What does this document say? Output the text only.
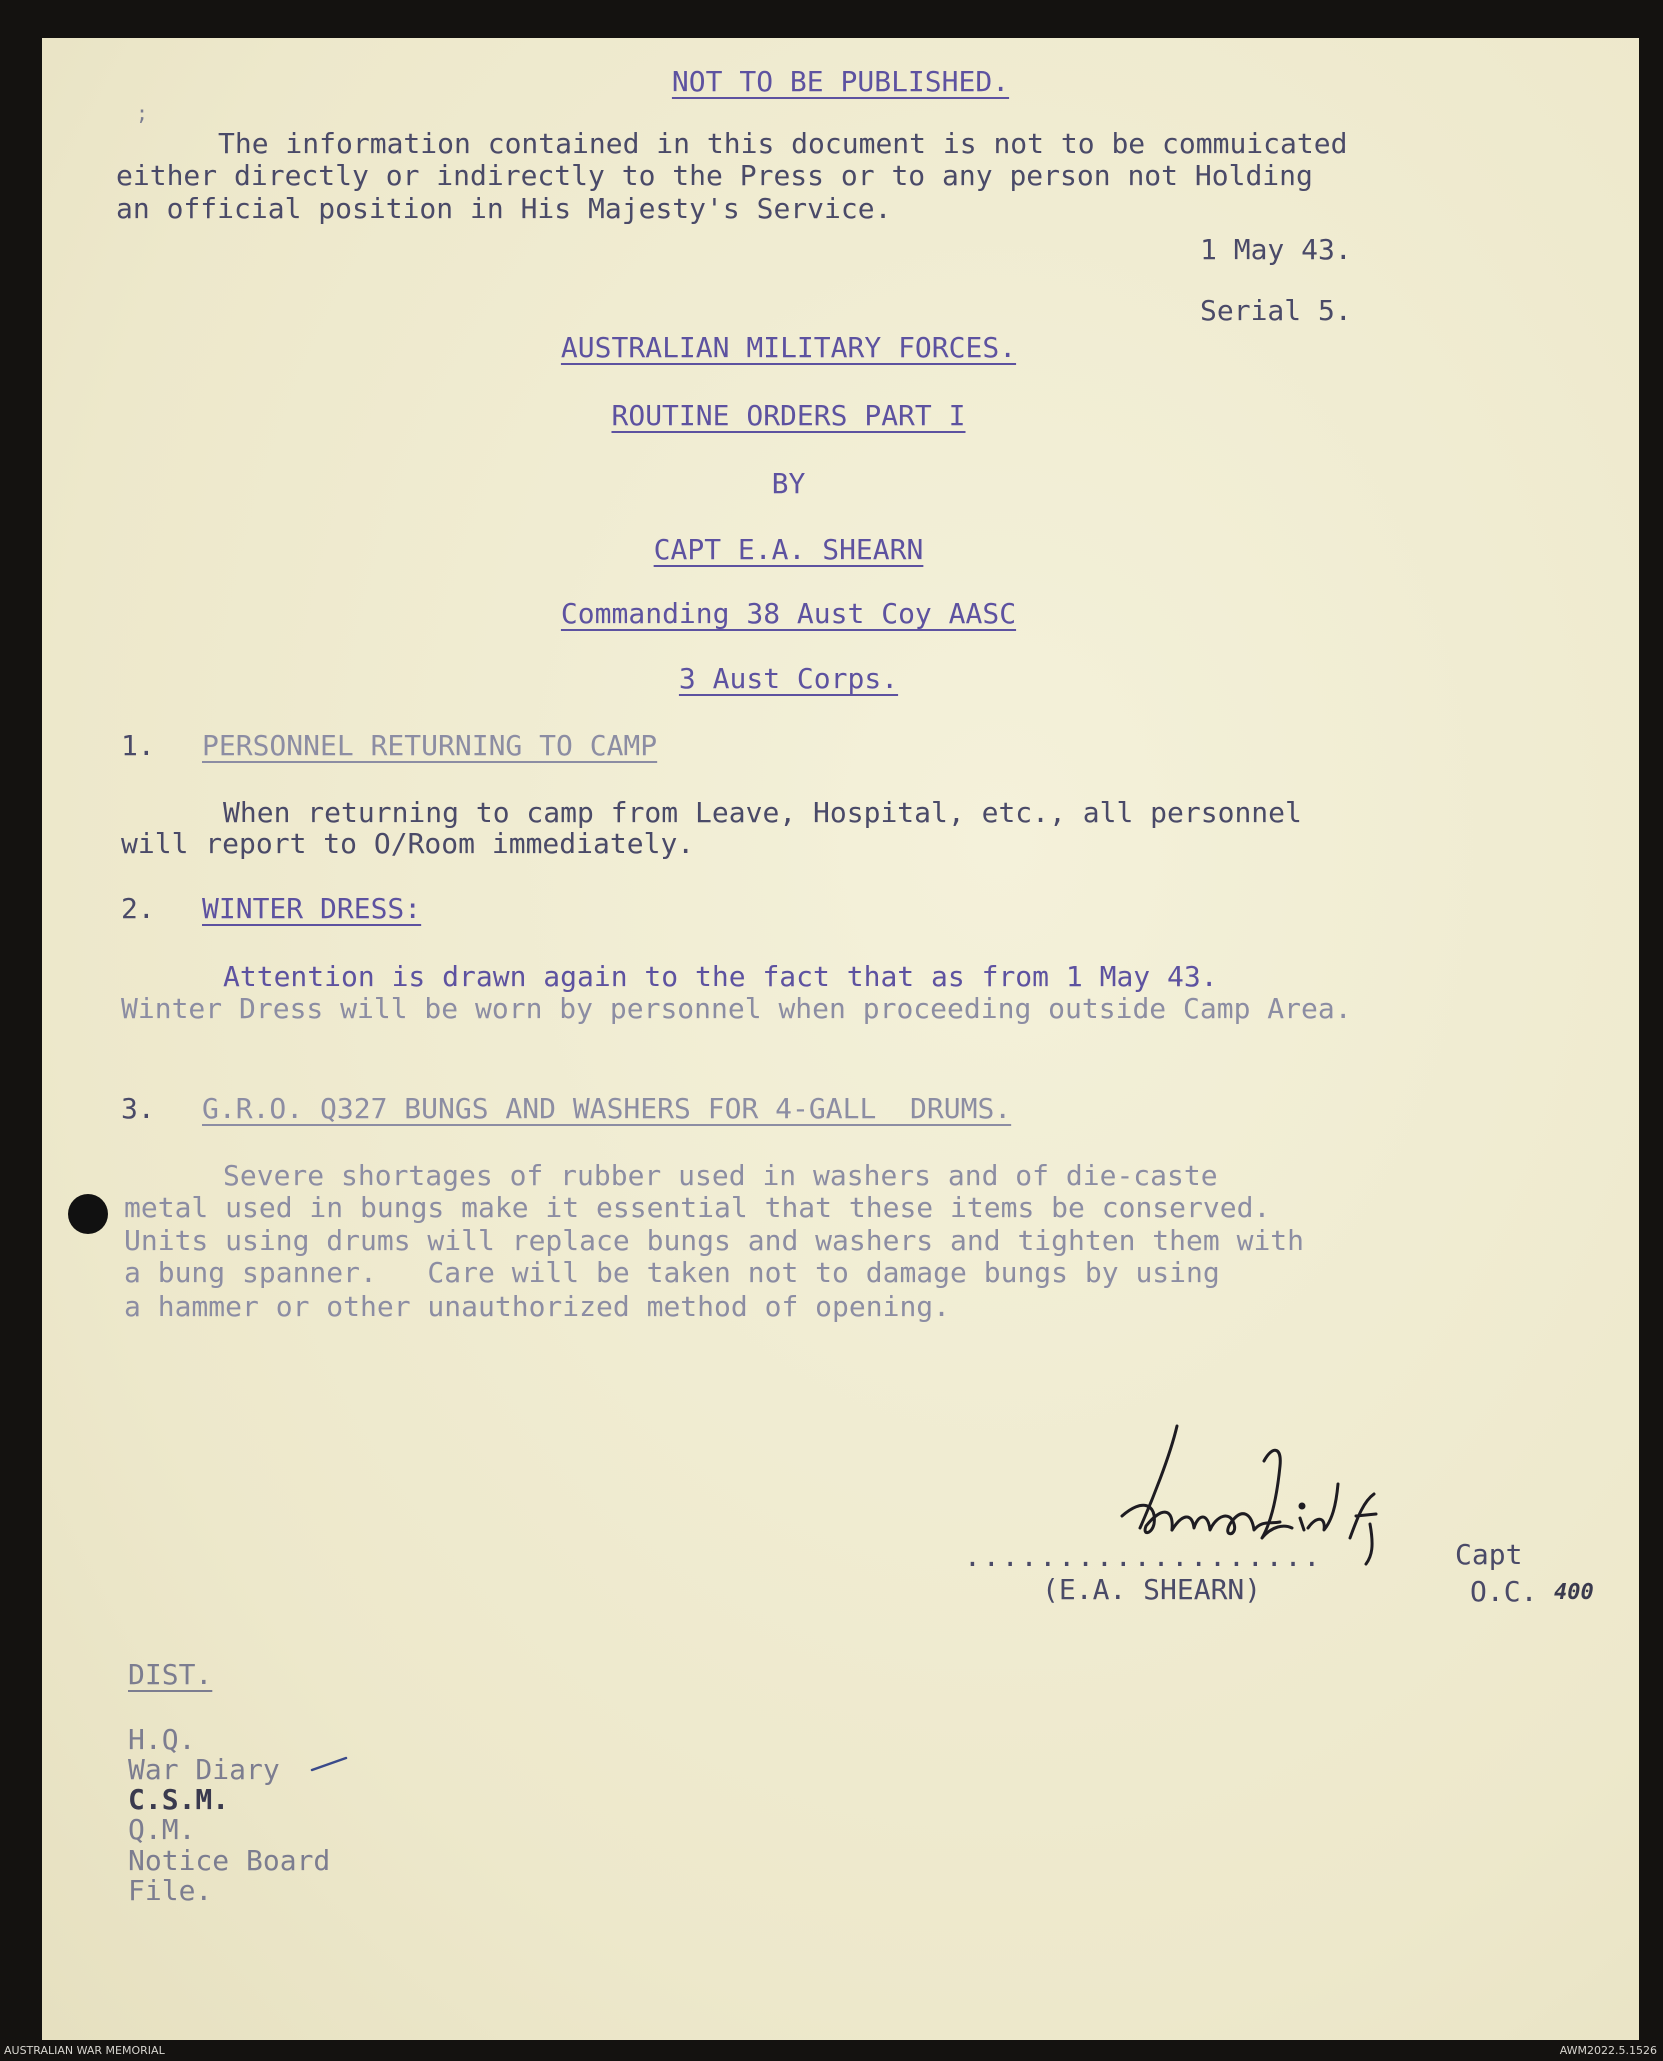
NOT TO BE PUBLISHED.
;
The information contained in this document is not to be commuicated
either directly or indirectly to the Press or to any person not Holding
an official position in His Majesty's Service.
1 May 43.
Serial 5.
AUSTRALIAN MILITARY FORCES.
ROUTINE ORDERS PART I
BY
CAPT E.A. SHEARN
Commanding 38 Aust Coy AASC
3 Aust Corps.
1. PERSONNEL RETURNING TO CAMP
When returning to camp from Leave, Hospital, etc., all personnel
will report to O/Room immediately.
2. WINTER DRESS:
Attention is drawn again to the fact that as from 1 May 43.
Winter Dress will be worn by personnel when proceeding outside Camp Area.
3. G.R.O. Q327 BUNGS AND WASHERS FOR 4-GALL  DRUMS.
Severe shortages of rubber used in washers and of die-caste
metal used in bungs make it essential that these items be conserved.
Units using drums will replace bungs and washers and tighten them with
a bung spanner.   Care will be taken not to damage bungs by using
a hammer or other unauthorized method of opening.
...................	Capt
(E.A. SHEARN)	O.C. 400
DIST.
H.Q.
War Diary
C.S.M.
Q.M.
Notice Board
File.
AUSTRALIAN WAR MEMORIAL	AWM2022.5.1526
